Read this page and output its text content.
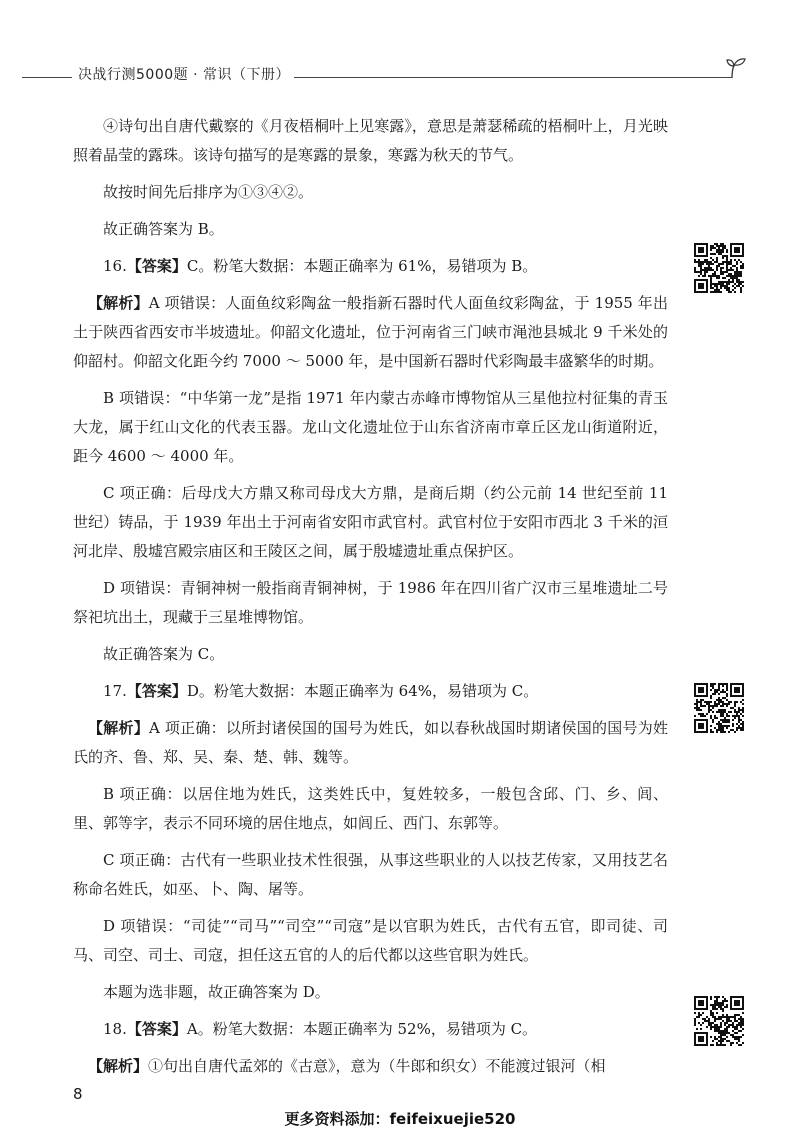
决战行测5000题 · 常识（下册）

④诗句出自唐代戴察的《月夜梧桐叶上见寒露》，意思是萧瑟稀疏的梧桐叶上，月光映照着晶莹的露珠。该诗句描写的是寒露的景象，寒露为秋天的节气。

故按时间先后排序为①③④②。

故正确答案为 B。

16.【答案】C。粉笔大数据：本题正确率为 61%，易错项为 B。

【解析】A 项错误：人面鱼纹彩陶盆一般指新石器时代人面鱼纹彩陶盆，于 1955 年出土于陕西省西安市半坡遗址。仰韶文化遗址，位于河南省三门峡市渑池县城北 9 千米处的仰韶村。仰韶文化距今约 7000 ～ 5000 年，是中国新石器时代彩陶最丰盛繁华的时期。

B 项错误：“中华第一龙”是指 1971 年内蒙古赤峰市博物馆从三星他拉村征集的青玉大龙，属于红山文化的代表玉器。龙山文化遗址位于山东省济南市章丘区龙山街道附近，距今 4600 ～ 4000 年。

C 项正确：后母戊大方鼎又称司母戊大方鼎，是商后期（约公元前 14 世纪至前 11 世纪）铸品，于 1939 年出土于河南省安阳市武官村。武官村位于安阳市西北 3 千米的洹河北岸、殷墟宫殿宗庙区和王陵区之间，属于殷墟遗址重点保护区。

D 项错误：青铜神树一般指商青铜神树，于 1986 年在四川省广汉市三星堆遗址二号祭祀坑出土，现藏于三星堆博物馆。

故正确答案为 C。

17.【答案】D。粉笔大数据：本题正确率为 64%，易错项为 C。

【解析】A 项正确：以所封诸侯国的国号为姓氏，如以春秋战国时期诸侯国的国号为姓氏的齐、鲁、郑、吴、秦、楚、韩、魏等。

B 项正确：以居住地为姓氏，这类姓氏中，复姓较多，一般包含邱、门、乡、闾、里、郭等字，表示不同环境的居住地点，如闾丘、西门、东郭等。

C 项正确：古代有一些职业技术性很强，从事这些职业的人以技艺传家，又用技艺名称命名姓氏，如巫、卜、陶、屠等。

D 项错误：“司徒”“司马”“司空”“司寇”是以官职为姓氏，古代有五官，即司徒、司马、司空、司士、司寇，担任这五官的人的后代都以这些官职为姓氏。

本题为选非题，故正确答案为 D。

18.【答案】A。粉笔大数据：本题正确率为 52%，易错项为 C。

【解析】①句出自唐代孟郊的《古意》，意为（牛郎和织女）不能渡过银河（相

8
更多资料添加：feifeixuejie520
